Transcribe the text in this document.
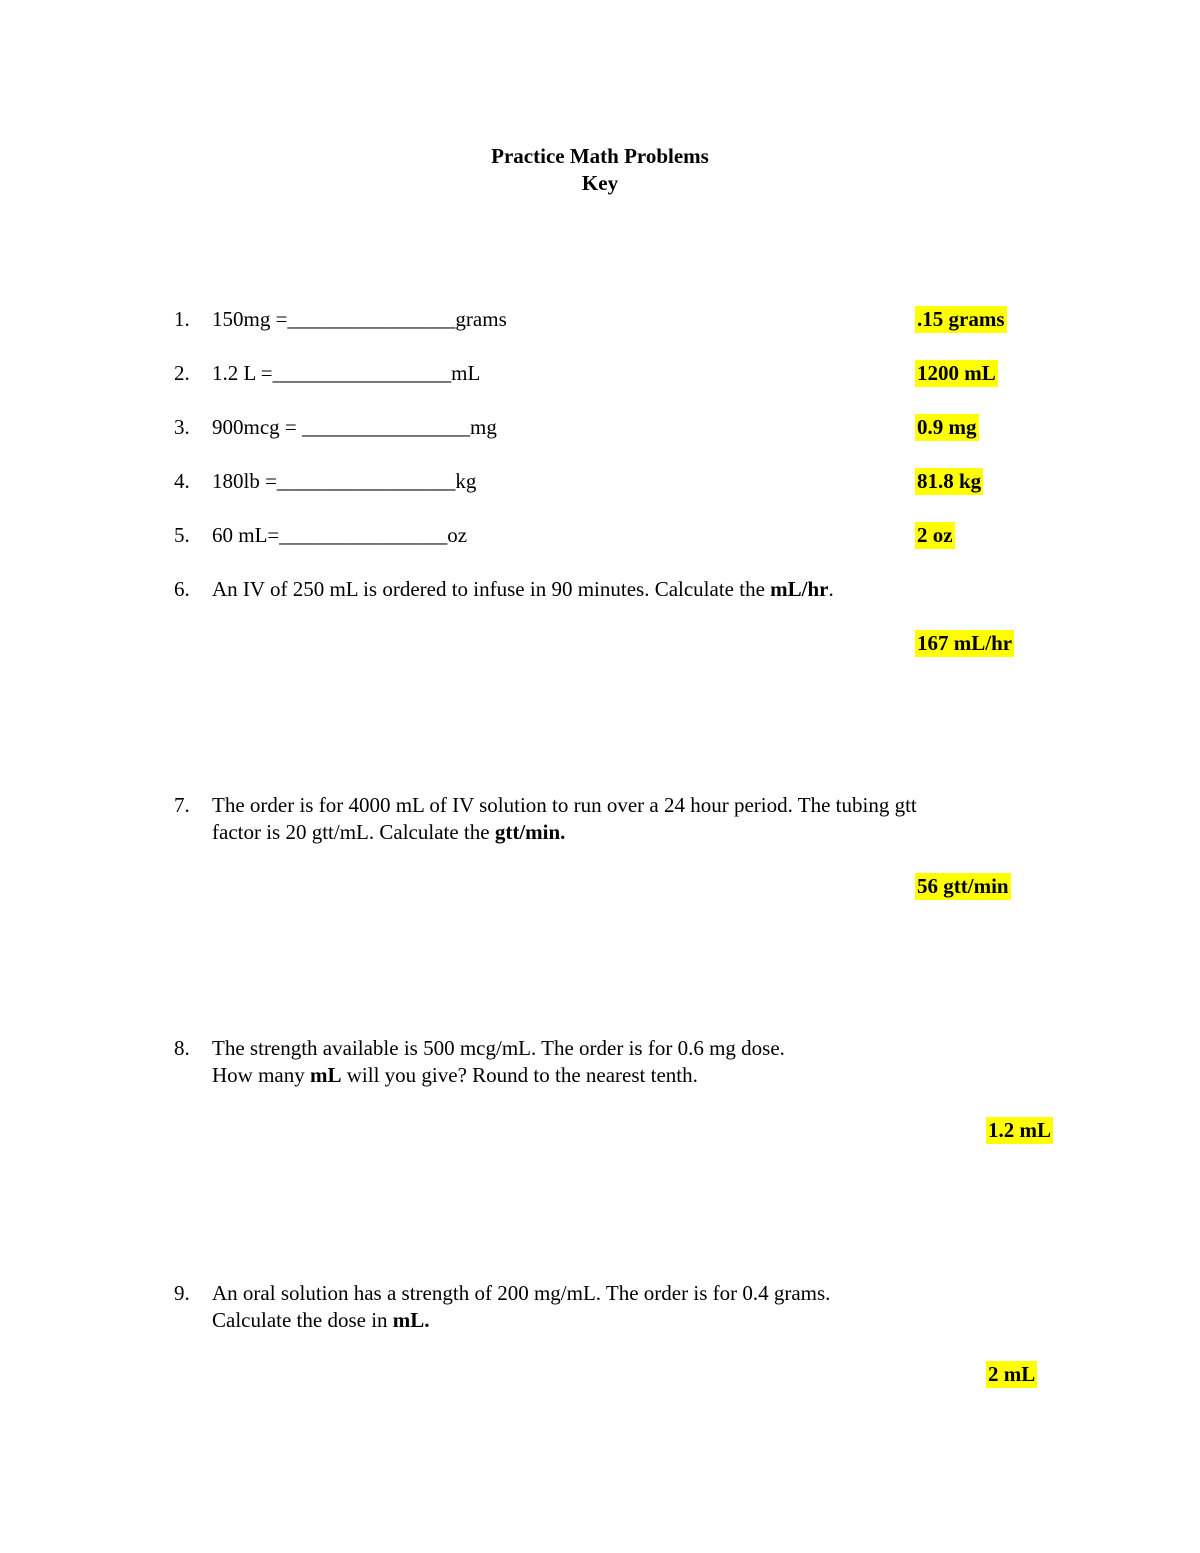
Practice Math Problems
Key
1.	150mg =________________grams	.15 grams
2.	1.2 L =_________________mL	1200 mL
3.	900mcg = ________________mg	0.9 mg
4.	180lb =_________________kg	81.8 kg
5.	60 mL=________________oz	2 oz
6.	An IV of 250 mL is ordered to infuse in 90 minutes. Calculate the mL/hr.
167 mL/hr
7.	The order is for 4000 mL of IV solution to run over a 24 hour period. The tubing gtt
factor is 20 gtt/mL. Calculate the gtt/min.
56 gtt/min
8.	The strength available is 500 mcg/mL. The order is for 0.6 mg dose.
How many mL will you give? Round to the nearest tenth.
1.2 mL
9.	An oral solution has a strength of 200 mg/mL. The order is for 0.4 grams.
Calculate the dose in mL.
2 mL
